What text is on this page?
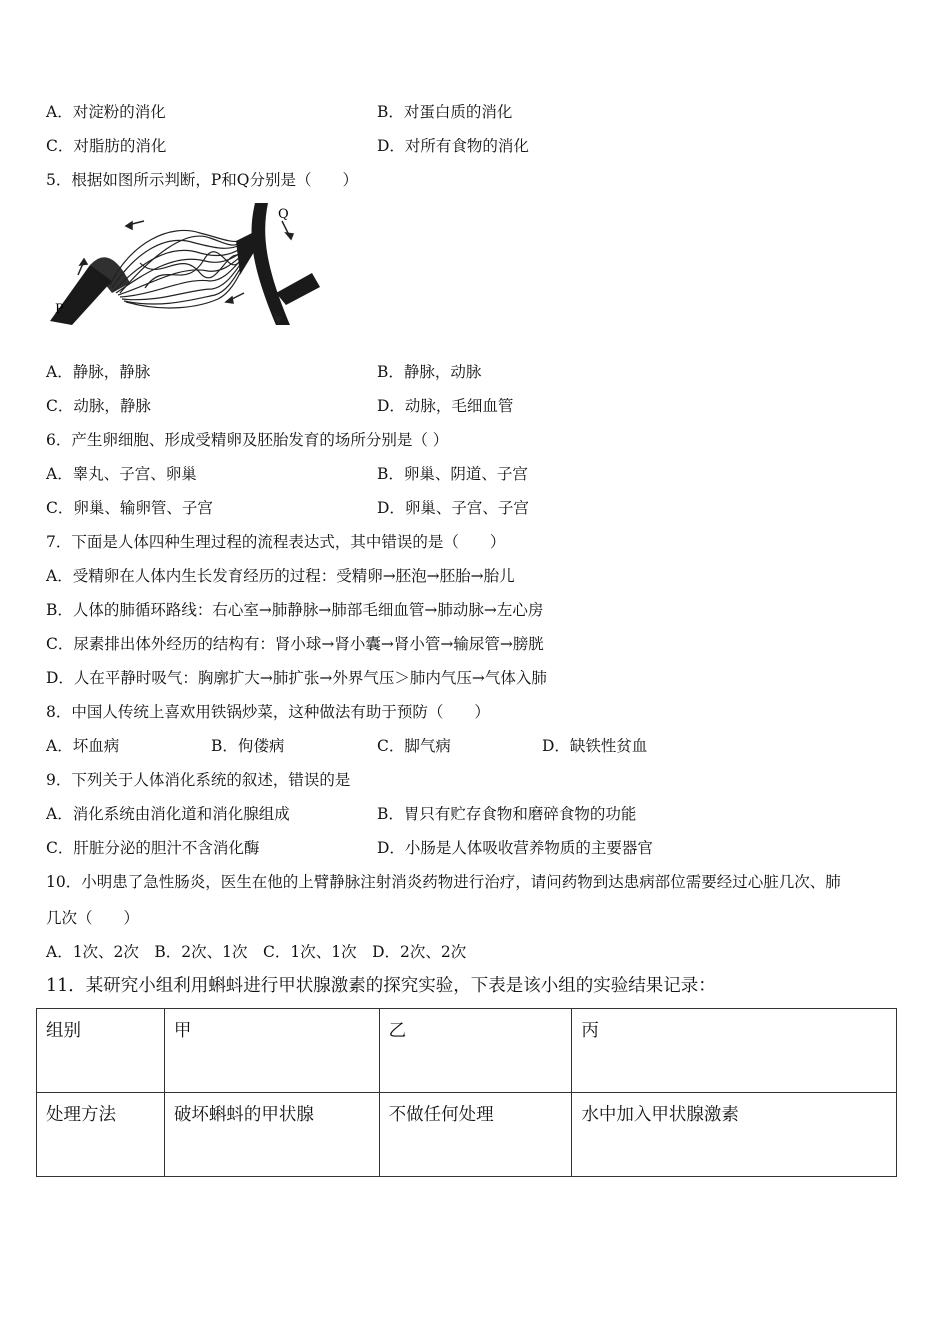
A．对淀粉的消化	B．对蛋白质的消化
C．对脂肪的消化	D．对所有食物的消化
5．根据如图所示判断，P和Q分别是（　　）
P
Q
A．静脉，静脉	B．静脉，动脉
C．动脉，静脉	D．动脉，毛细血管
6．产生卵细胞、形成受精卵及胚胎发育的场所分别是（ ）
A．睾丸、子宫、卵巢	B．卵巢、阴道、子宫
C．卵巢、输卵管、子宫	D．卵巢、子宫、子宫
7．下面是人体四种生理过程的流程表达式，其中错误的是（　　）
A．受精卵在人体内生长发育经历的过程：受精卵→胚泡→胚胎→胎儿
B．人体的肺循环路线：右心室→肺静脉→肺部毛细血管→肺动脉→左心房
C．尿素排出体外经历的结构有：肾小球→肾小囊→肾小管→输尿管→膀胱
D．人在平静时吸气：胸廓扩大→肺扩张→外界气压＞肺内气压→气体入肺
8．中国人传统上喜欢用铁锅炒菜，这种做法有助于预防（　　）
A．坏血病	B．佝偻病	C．脚气病	D．缺铁性贫血
9．下列关于人体消化系统的叙述，错误的是
A．消化系统由消化道和消化腺组成	B．胃只有贮存食物和磨碎食物的功能
C．肝脏分泌的胆汁不含消化酶	D．小肠是人体吸收营养物质的主要器官
10．小明患了急性肠炎，医生在他的上臂静脉注射消炎药物进行治疗，请问药物到达患病部位需要经过心脏几次、肺
几次（　　）
A．1次、2次　B．2次、1次　C．1次、1次　D．2次、2次
11．某研究小组利用蝌蚪进行甲状腺激素的探究实验，下表是该小组的实验结果记录：
组别	甲	乙	丙
处理方法	破坏蝌蚪的甲状腺	不做任何处理	水中加入甲状腺激素
